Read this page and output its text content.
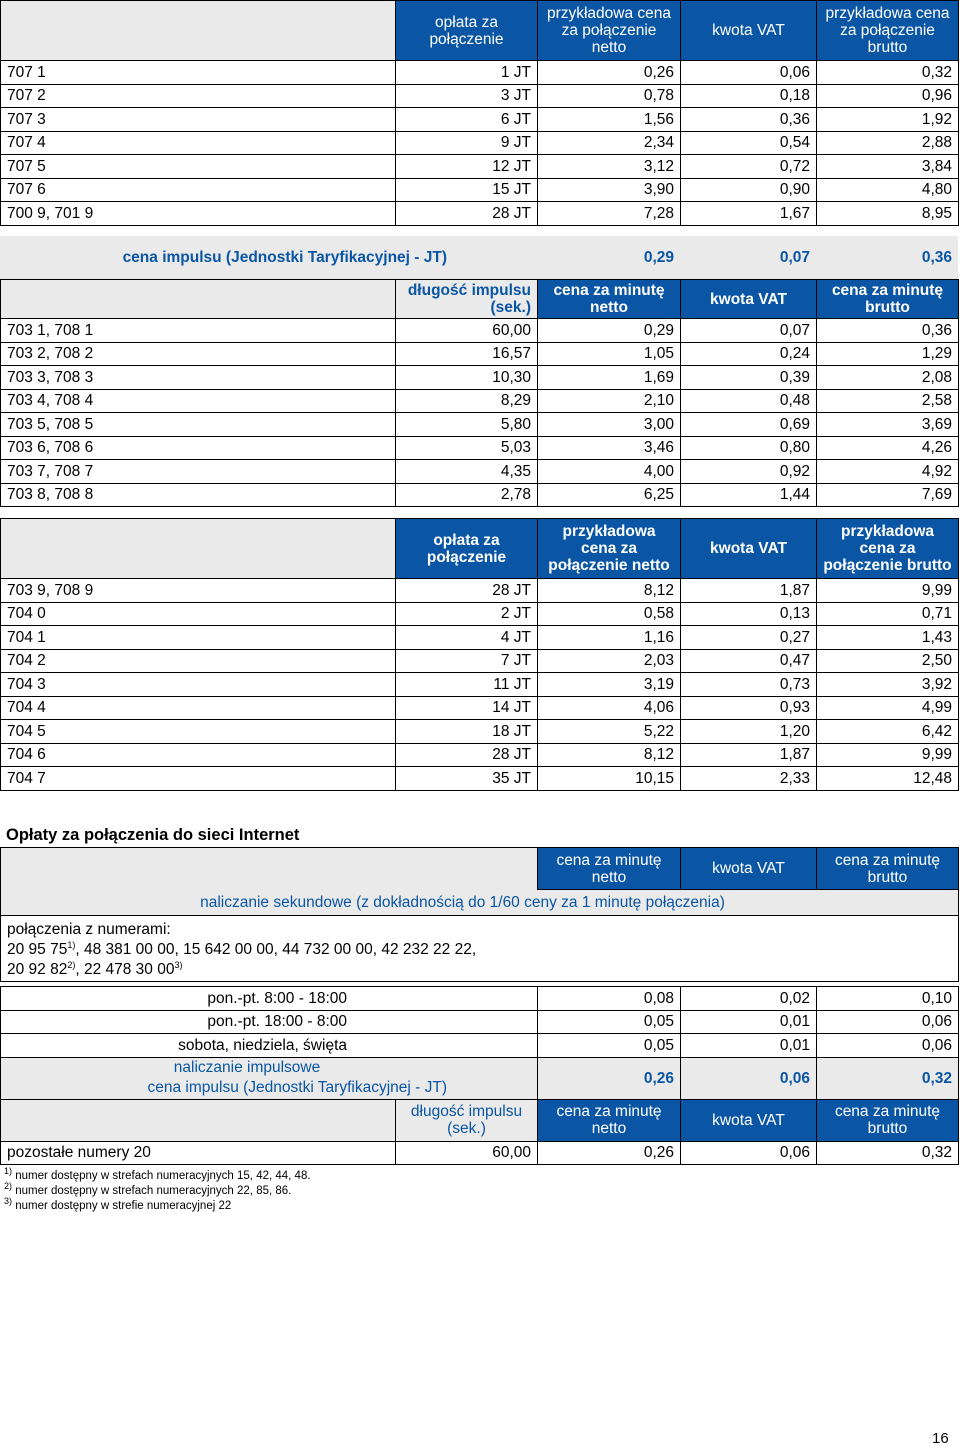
	opłata za połączenie	przykładowa cena za połączenie netto	kwota VAT	przykładowa cena za połączenie brutto
707 1	1 JT	0,26	0,06	0,32
707 2	3 JT	0,78	0,18	0,96
707 3	6 JT	1,56	0,36	1,92
707 4	9 JT	2,34	0,54	2,88
707 5	12 JT	3,12	0,72	3,84
707 6	15 JT	3,90	0,90	4,80
700 9, 701 9	28 JT	7,28	1,67	8,95
cena impulsu (Jednostki Taryfikacyjnej - JT)	0,29	0,07	0,36
	długość impulsu (sek.)	cena za minutę netto	kwota VAT	cena za minutę brutto
703 1, 708 1	60,00	0,29	0,07	0,36
703 2, 708 2	16,57	1,05	0,24	1,29
703 3, 708 3	10,30	1,69	0,39	2,08
703 4, 708 4	8,29	2,10	0,48	2,58
703 5, 708 5	5,80	3,00	0,69	3,69
703 6, 708 6	5,03	3,46	0,80	4,26
703 7, 708 7	4,35	4,00	0,92	4,92
703 8, 708 8	2,78	6,25	1,44	7,69
	opłata za połączenie	przykładowa cena za połączenie netto	kwota VAT	przykładowa cena za połączenie brutto
703 9, 708 9	28 JT	8,12	1,87	9,99
704 0	2 JT	0,58	0,13	0,71
704 1	4 JT	1,16	0,27	1,43
704 2	7 JT	2,03	0,47	2,50
704 3	11 JT	3,19	0,73	3,92
704 4	14 JT	4,06	0,93	4,99
704 5	18 JT	5,22	1,20	6,42
704 6	28 JT	8,12	1,87	9,99
704 7	35 JT	10,15	2,33	12,48
Opłaty za połączenia do sieci Internet
		cena za minutę netto	kwota VAT	cena za minutę brutto
naliczanie sekundowe (z dokładnością do 1/60 ceny za 1 minutę połączenia)				

połączenia z numerami:
20 95 75$^{1)}$, 48 381 00 00, 15 642 00 00, 44 732 00 00, 42 232 22 22,
20 92 82$^{2)}$, 22 478 30 00$^{3)}$

pon.-pt. 8:00 - 18:00		0,08	0,02	0,10
pon.-pt. 18:00 - 8:00		0,05	0,01	0,06
sobota, niedziela, święta		0,05	0,01	0,06

naliczanie impulsowe
cena impulsu (Jednostki Taryfikacyjnej - JT)		0,26	0,06	0,32
	długość impulsu (sek.)	cena za minutę netto	kwota VAT	cena za minutę brutto
pozostałe numery 20	60,00	0,26	0,06	0,32
$^{1)}$ numer dostępny w strefach numeracyjnych 15, 42, 44, 48.
$^{2)}$ numer dostępny w strefach numeracyjnych 22, 85, 86.
$^{3)}$ numer dostępny w strefie numeracyjnej 22
16
